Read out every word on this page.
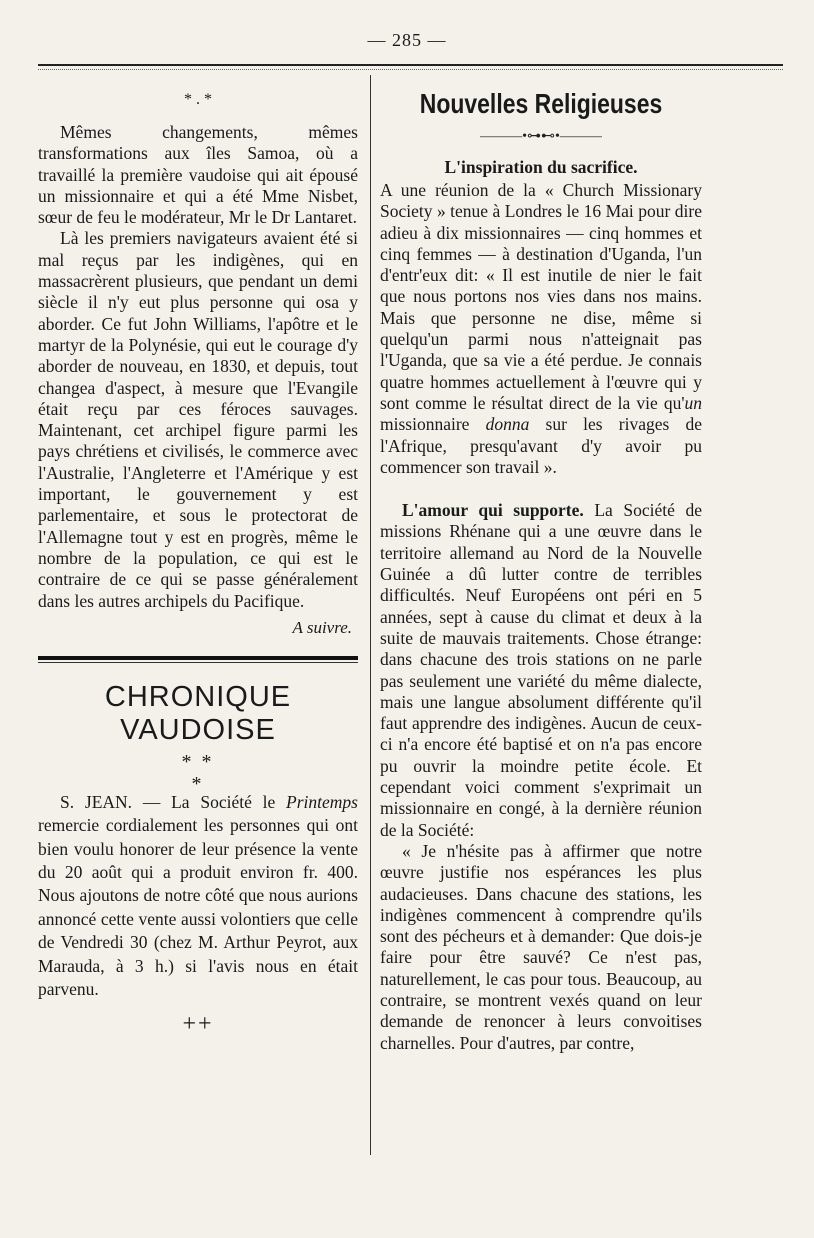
— 285 —
* . *

Mêmes changements, mêmes transformations aux îles Samoa, où a travaillé la première vaudoise qui ait épousé un missionnaire et qui a été Mme Nisbet, sœur de feu le modérateur, Mr le Dr Lantaret.

Là les premiers navigateurs avaient été si mal reçus par les indigènes, qui en massacrèrent plusieurs, que pendant un demi siècle il n'y eut plus personne qui osa y aborder. Ce fut John Williams, l'apôtre et le martyr de la Polynésie, qui eut le courage d'y aborder de nouveau, en 1830, et depuis, tout changea d'aspect, à mesure que l'Evangile était reçu par ces féroces sauvages. Maintenant, cet archipel figure parmi les pays chrétiens et civilisés, le commerce avec l'Australie, l'Angleterre et l'Amérique y est important, le gouvernement y est parlementaire, et sous le protectorat de l'Allemagne tout y est en progrès, même le nombre de la population, ce qui est le contraire de ce qui se passe généralement dans les autres archipels du Pacifique.

A suivre.
CHRONIQUE VAUDOISE
* *
*

S. JEAN. — La Société le Printemps remercie cordialement les personnes qui ont bien voulu honorer de leur présence la vente du 20 août qui a produit environ fr. 400. Nous ajoutons de notre côté que nous aurions annoncé cette vente aussi volontiers que celle de Vendredi 30 (chez M. Arthur Peyrot, aux Marauda, à 3 h.) si l'avis nous en était parvenu.

++
Nouvelles Religieuses
———•⊶⊷•———
L'inspiration du sacrifice.

A une réunion de la « Church Missionary Society » tenue à Londres le 16 Mai pour dire adieu à dix missionnaires — cinq hommes et cinq femmes — à destination d'Uganda, l'un d'entr'eux dit: « Il est inutile de nier le fait que nous portons nos vies dans nos mains. Mais que personne ne dise, même si quelqu'un parmi nous n'atteignait pas l'Uganda, que sa vie a été perdue. Je connais quatre hommes actuellement à l'œuvre qui y sont comme le résultat direct de la vie qu'un missionnaire donna sur les rivages de l'Afrique, presqu'avant d'y avoir pu commencer son travail ».

L'amour qui supporte. La Société de missions Rhénane qui a une œuvre dans le territoire allemand au Nord de la Nouvelle Guinée a dû lutter contre de terribles difficultés. Neuf Européens ont péri en 5 années, sept à cause du climat et deux à la suite de mauvais traitements. Chose étrange: dans chacune des trois stations on ne parle pas seulement une variété du même dialecte, mais une langue absolument différente qu'il faut apprendre des indigènes. Aucun de ceux-ci n'a encore été baptisé et on n'a pas encore pu ouvrir la moindre petite école. Et cependant voici comment s'exprimait un missionnaire en congé, à la dernière réunion de la Société:

« Je n'hésite pas à affirmer que notre œuvre justifie nos espérances les plus audacieuses. Dans chacune des stations, les indigènes commencent à comprendre qu'ils sont des pécheurs et à demander: Que dois-je faire pour être sauvé? Ce n'est pas, naturellement, le cas pour tous. Beaucoup, au contraire, se montrent vexés quand on leur demande de renoncer à leurs convoitises charnelles. Pour d'autres, par contre,
